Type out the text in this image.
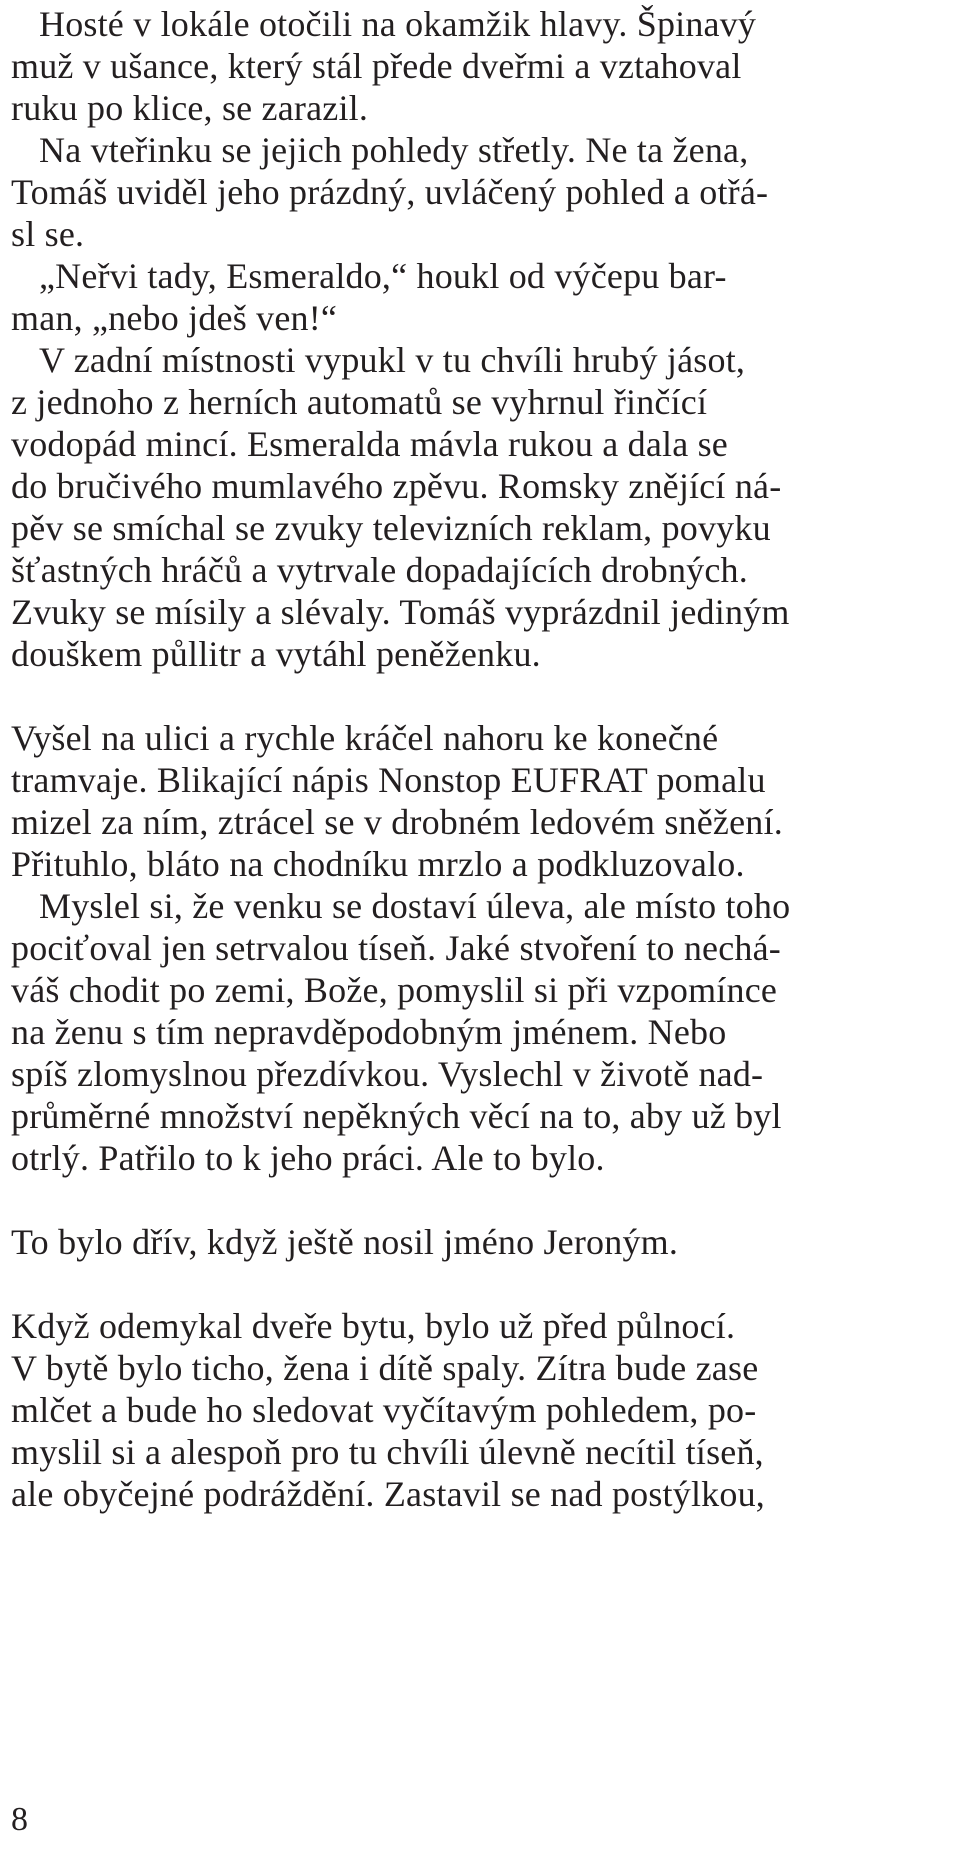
Hosté v lokále otočili na okamžik hlavy. Špinavý
muž v ušance, který stál přede dveřmi a vztahoval
ruku po klice, se zarazil.
Na vteřinku se jejich pohledy střetly. Ne ta žena,
Tomáš uviděl jeho prázdný, uvláčený pohled a otřá-
sl se.
„Neřvi tady, Esmeraldo,“ houkl od výčepu bar-
man, „nebo jdeš ven!“
V zadní místnosti vypukl v tu chvíli hrubý jásot,
z jednoho z herních automatů se vyhrnul řinčící
vodopád mincí. Esmeralda mávla rukou a dala se
do bručivého mumlavého zpěvu. Romsky znějící ná-
pěv se smíchal se zvuky televizních reklam, povyku
šťastných hráčů a vytrvale dopadajících drobných.
Zvuky se mísily a slévaly. Tomáš vyprázdnil jediným
douškem půllitr a vytáhl peněženku.
Vyšel na ulici a rychle kráčel nahoru ke konečné
tramvaje. Blikající nápis Nonstop EUFRAT pomalu
mizel za ním, ztrácel se v drobném ledovém sněžení.
Přituhlo, bláto na chodníku mrzlo a podkluzovalo.
Myslel si, že venku se dostaví úleva, ale místo toho
pociťoval jen setrvalou tíseň. Jaké stvoření to nechá-
váš chodit po zemi, Bože, pomyslil si při vzpomínce
na ženu s tím nepravděpodobným jménem. Nebo
spíš zlomyslnou přezdívkou. Vyslechl v životě nad-
průměrné množství nepěkných věcí na to, aby už byl
otrlý. Patřilo to k jeho práci. Ale to bylo.
To bylo dřív, když ještě nosil jméno Jeroným.
Když odemykal dveře bytu, bylo už před půlnocí.
V bytě bylo ticho, žena i dítě spaly. Zítra bude zase
mlčet a bude ho sledovat vyčítavým pohledem, po-
myslil si a alespoň pro tu chvíli úlevně necítil tíseň,
ale obyčejné podráždění. Zastavil se nad postýlkou,
8
